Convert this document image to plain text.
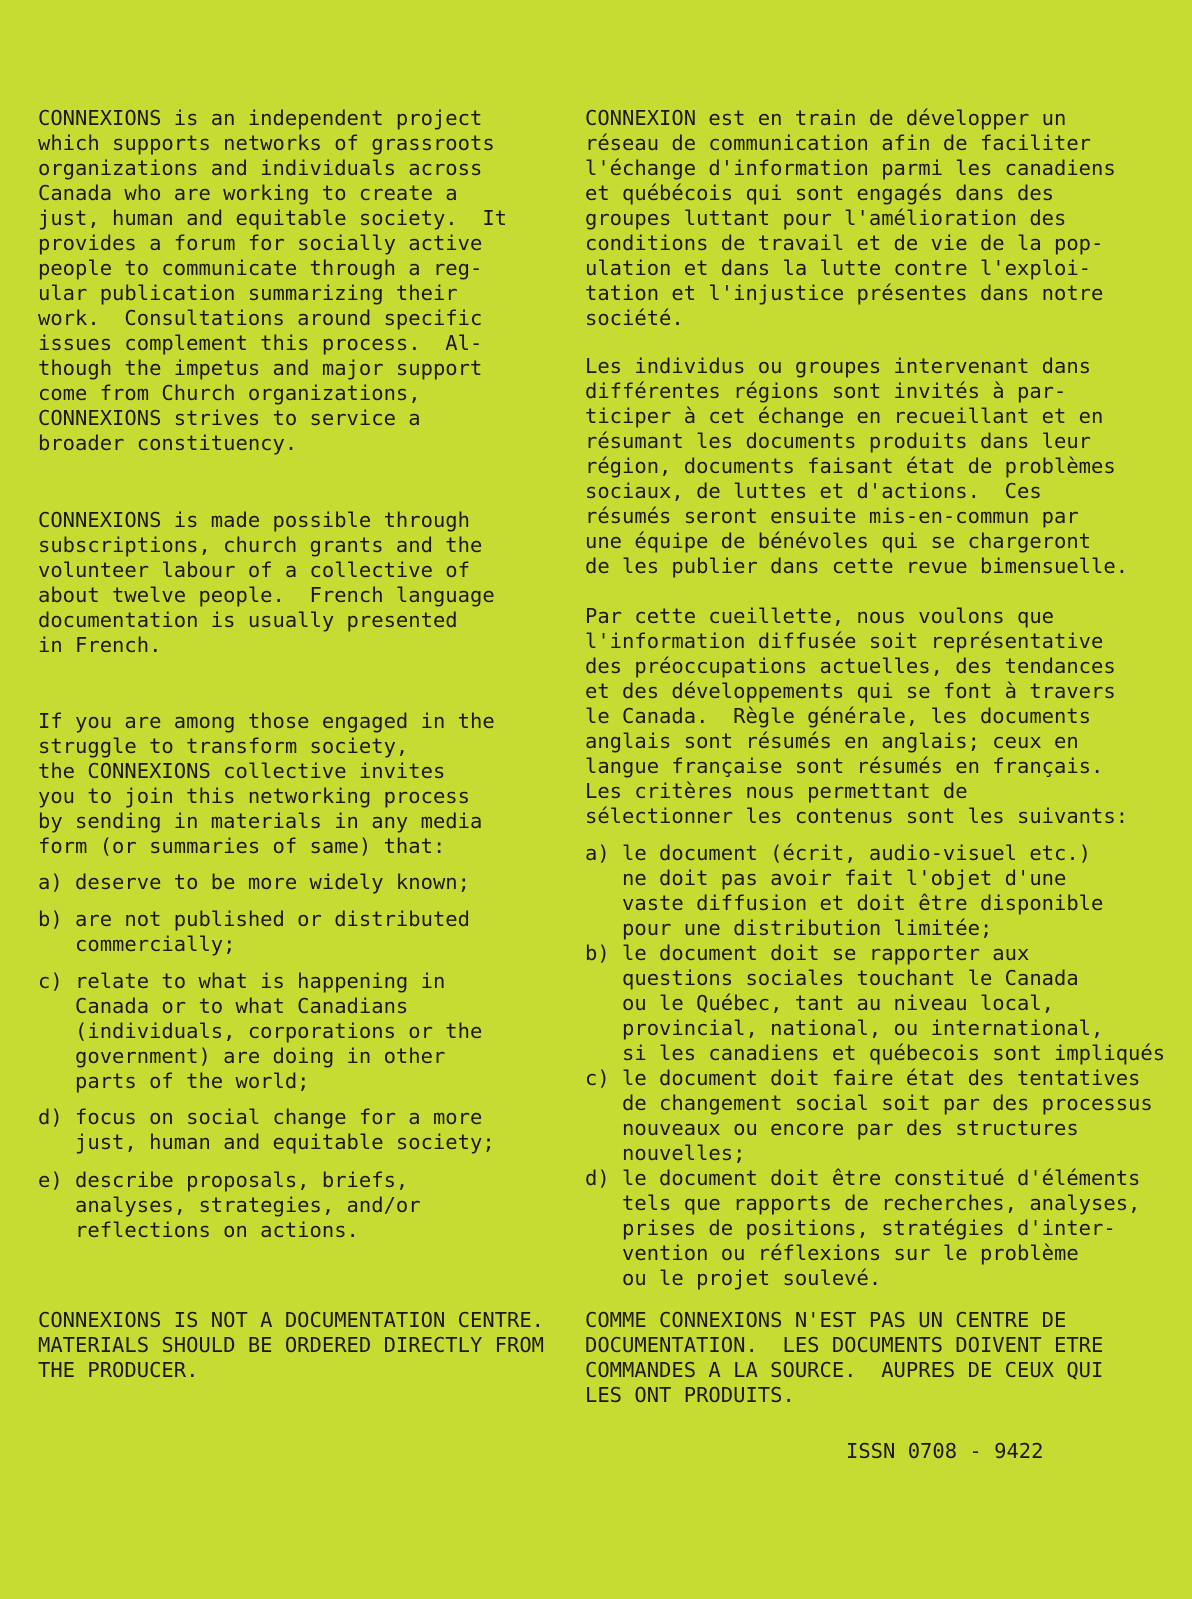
CONNEXIONS is an independent project
which supports networks of grassroots
organizations and individuals across
Canada who are working to create a
just, human and equitable society.  It
provides a forum for socially active
people to communicate through a reg-
ular publication summarizing their
work.  Consultations around specific
issues complement this process.  Al-
though the impetus and major support
come from Church organizations,
CONNEXIONS strives to service a
broader constituency.
CONNEXIONS is made possible through
subscriptions, church grants and the
volunteer labour of a collective of
about twelve people.  French language
documentation is usually presented
in French.
If you are among those engaged in the
struggle to transform society,
the CONNEXIONS collective invites
you to join this networking process
by sending in materials in any media
form (or summaries of same) that:
a) deserve to be more widely known;
b) are not published or distributed
commercially;
c) relate to what is happening in
Canada or to what Canadians
(individuals, corporations or the
government) are doing in other
parts of the world;
d) focus on social change for a more
just, human and equitable society;
e) describe proposals, briefs,
analyses, strategies, and/or
reflections on actions.
CONNEXIONS IS NOT A DOCUMENTATION CENTRE.
MATERIALS SHOULD BE ORDERED DIRECTLY FROM
THE PRODUCER.
CONNEXION est en train de développer un
réseau de communication afin de faciliter
l'échange d'information parmi les canadiens
et québécois qui sont engagés dans des
groupes luttant pour l'amélioration des
conditions de travail et de vie de la pop-
ulation et dans la lutte contre l'exploi-
tation et l'injustice présentes dans notre
société.
Les individus ou groupes intervenant dans
différentes régions sont invités à par-
ticiper à cet échange en recueillant et en
résumant les documents produits dans leur
région, documents faisant état de problèmes
sociaux, de luttes et d'actions.  Ces
résumés seront ensuite mis-en-commun par
une équipe de bénévoles qui se chargeront
de les publier dans cette revue bimensuelle.
Par cette cueillette, nous voulons que
l'information diffusée soit représentative
des préoccupations actuelles, des tendances
et des développements qui se font à travers
le Canada.  Règle générale, les documents
anglais sont résumés en anglais; ceux en
langue française sont résumés en français.
Les critères nous permettant de
sélectionner les contenus sont les suivants:
a) le document (écrit, audio-visuel etc.)
ne doit pas avoir fait l'objet d'une
vaste diffusion et doit être disponible
pour une distribution limitée;
b) le document doit se rapporter aux
questions sociales touchant le Canada
ou le Québec, tant au niveau local,
provincial, national, ou international,
si les canadiens et québecois sont impliqués
c) le document doit faire état des tentatives
de changement social soit par des processus
nouveaux ou encore par des structures
nouvelles;
d) le document doit être constitué d'éléments
tels que rapports de recherches, analyses,
prises de positions, stratégies d'inter-
vention ou réflexions sur le problème
ou le projet soulevé.
COMME CONNEXIONS N'EST PAS UN CENTRE DE
DOCUMENTATION.  LES DOCUMENTS DOIVENT ETRE
COMMANDES A LA SOURCE.  AUPRES DE CEUX QUI
LES ONT PRODUITS.
ISSN 0708 - 9422
